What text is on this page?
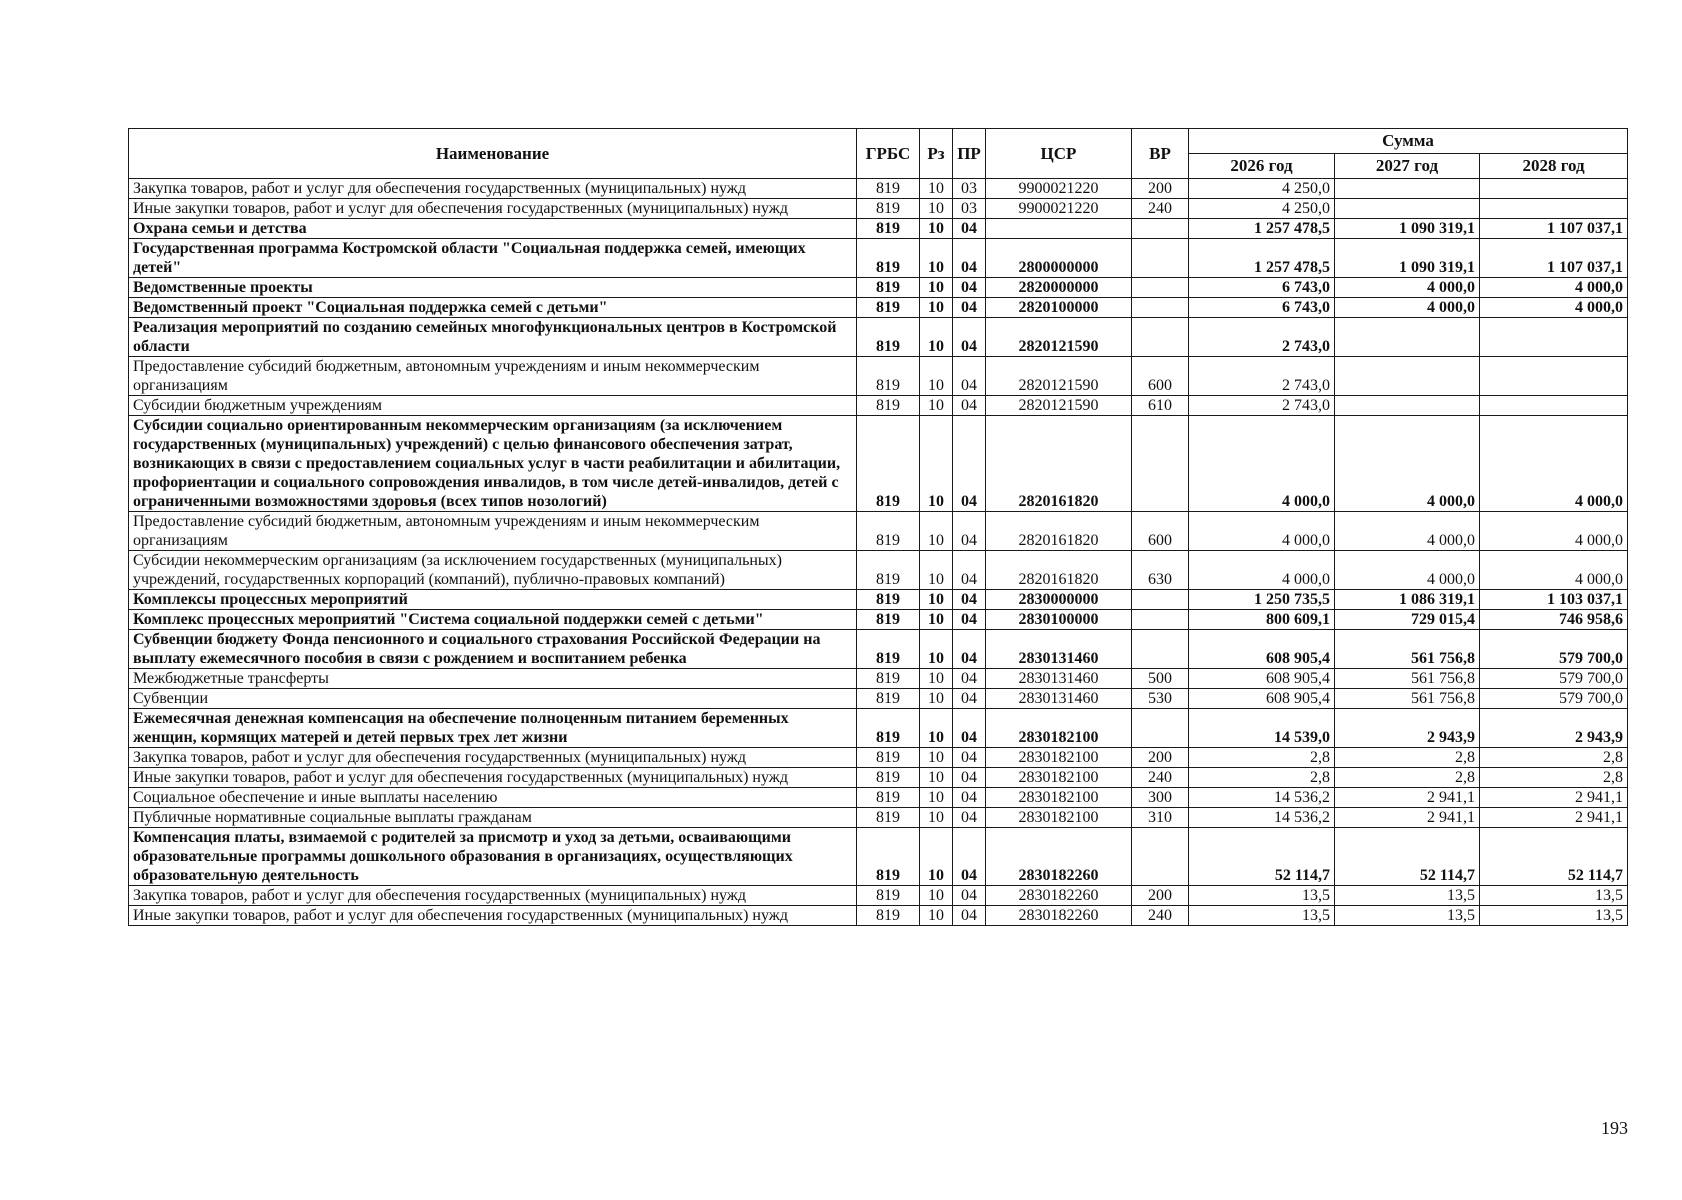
Наименование	ГРБС	Рз	ПР	ЦСР	ВР	Сумма		
						2026 год	2027 год	2028 год
Закупка товаров, работ и услуг для обеспечения государственных (муниципальных) нужд	819	10	03	9900021220	200	4 250,0		
Иные закупки товаров, работ и услуг для обеспечения государственных (муниципальных) нужд	819	10	03	9900021220	240	4 250,0		
Охрана семьи и детства	819	10	04			1 257 478,5	1 090 319,1	1 107 037,1
Государственная программа Костромской области "Социальная поддержка семей, имеющих детей"	819	10	04	2800000000		1 257 478,5	1 090 319,1	1 107 037,1
Ведомственные проекты	819	10	04	2820000000		6 743,0	4 000,0	4 000,0
Ведомственный проект "Социальная поддержка семей с детьми"	819	10	04	2820100000		6 743,0	4 000,0	4 000,0
Реализация мероприятий по созданию семейных многофункциональных центров в Костромской области	819	10	04	2820121590		2 743,0		
Предоставление субсидий бюджетным, автономным учреждениям и иным некоммерческим организациям	819	10	04	2820121590	600	2 743,0		
Субсидии бюджетным учреждениям	819	10	04	2820121590	610	2 743,0		
Субсидии социально ориентированным некоммерческим организациям (за исключением государственных (муниципальных) учреждений) с целью финансового обеспечения затрат, возникающих в связи с предоставлением социальных услуг в части реабилитации и абилитации, профориентации и социального сопровождения инвалидов, в том числе детей-инвалидов, детей с ограниченными возможностями здоровья (всех типов нозологий)	819	10	04	2820161820		4 000,0	4 000,0	4 000,0
Предоставление субсидий бюджетным, автономным учреждениям и иным некоммерческим организациям	819	10	04	2820161820	600	4 000,0	4 000,0	4 000,0
Субсидии некоммерческим организациям (за исключением государственных (муниципальных) учреждений, государственных корпораций (компаний), публично-правовых компаний)	819	10	04	2820161820	630	4 000,0	4 000,0	4 000,0
Комплексы процессных мероприятий	819	10	04	2830000000		1 250 735,5	1 086 319,1	1 103 037,1
Комплекс процессных мероприятий "Система социальной поддержки семей с детьми"	819	10	04	2830100000		800 609,1	729 015,4	746 958,6
Субвенции бюджету Фонда пенсионного и социального страхования Российской Федерации на выплату ежемесячного пособия в связи с рождением и воспитанием ребенка	819	10	04	2830131460		608 905,4	561 756,8	579 700,0
Межбюджетные трансферты	819	10	04	2830131460	500	608 905,4	561 756,8	579 700,0
Субвенции	819	10	04	2830131460	530	608 905,4	561 756,8	579 700,0
Ежемесячная денежная компенсация на обеспечение полноценным питанием беременных женщин, кормящих матерей и детей первых трех лет жизни	819	10	04	2830182100		14 539,0	2 943,9	2 943,9
Закупка товаров, работ и услуг для обеспечения государственных (муниципальных) нужд	819	10	04	2830182100	200	2,8	2,8	2,8
Иные закупки товаров, работ и услуг для обеспечения государственных (муниципальных) нужд	819	10	04	2830182100	240	2,8	2,8	2,8
Социальное обеспечение и иные выплаты населению	819	10	04	2830182100	300	14 536,2	2 941,1	2 941,1
Публичные нормативные социальные выплаты гражданам	819	10	04	2830182100	310	14 536,2	2 941,1	2 941,1
Компенсация платы, взимаемой с родителей за присмотр и уход за детьми, осваивающими образовательные программы дошкольного образования в организациях, осуществляющих образовательную деятельность	819	10	04	2830182260		52 114,7	52 114,7	52 114,7
Закупка товаров, работ и услуг для обеспечения государственных (муниципальных) нужд	819	10	04	2830182260	200	13,5	13,5	13,5
Иные закупки товаров, работ и услуг для обеспечения государственных (муниципальных) нужд	819	10	04	2830182260	240	13,5	13,5	13,5
193
